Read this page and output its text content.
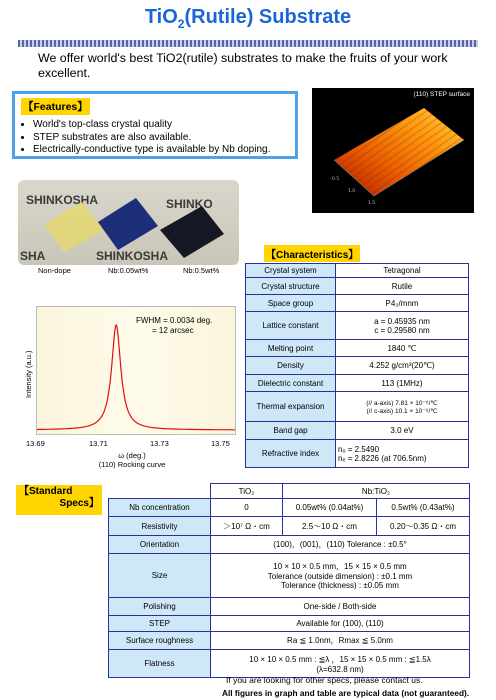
TiO$_2$(Rutile) Substrate
We offer world's best TiO2(rutile) substrates to make the fruits of your work excellent.
【Features】
• World's top-class crystal quality
• STEP substrates are also available.
• Electrically-conductive type is available by Nb doping.
0.5
1.0
1.5
(110) STEP surface
SHINKOSHA	SHINKO
SHA	SHINKOSHA
Non-dope	Nb:0.05wt%	Nb:0.5wt%
【Characteristics】
Crystal system	Tetragonal
Crystal structure	Rutile
Space group	P4₂/mnm
Lattice constant	a = 0.45935 nm
c = 0.29580 nm

Melting point	1840 ℃
Density	4.252 g/cm³(20℃)
Dielectric constant	113 (1MHz)
Thermal expansion	(// a-axis) 7.81 × 10⁻⁶/℃
(// c-axis) 10.1 × 10⁻⁶/℃

Band gap	3.0 eV
Refractive index	nₒ = 2.5490
nₑ = 2.8226 (at 706.5nm)
FWHM = 0.0034 deg.
= 12 arcsec
Intensity (a.u.)
13.69	13.71	13.73	13.75
ω (deg.)
(110) Rocking curve
【Standard
Specs】
	TiO₂	Nb:TiO₂	
Nb concentration	0	0.05wt% (0.04at%)	0.5wt% (0.43at%)
Resistivity	＞10⁷ Ω・cm	2.5～10 Ω・cm	0.20～0.35 Ω・cm
Orientation	(100)，(001)，(110) Tolerance : ±0.5°		
Size	10 × 10 × 0.5 mm，15 × 15 × 0.5 mm
Tolerance (outside dimension) : ±0.1 mm
Tolerance (thickness) : ±0.05 mm		

Polishing	One-side / Both-side		
STEP	Available for (100), (110)		
Surface roughness	Ra ≦ 1.0nm，Rmax ≦ 5.0nm		
Flatness	10 × 10 × 0.5 mm : ≦λ ，15 × 15 × 0.5 mm : ≦1.5λ
(λ=632.8 nm)		
If you are looking for other specs, please contact us.
All figures in graph and table are typical data (not guaranteed).
